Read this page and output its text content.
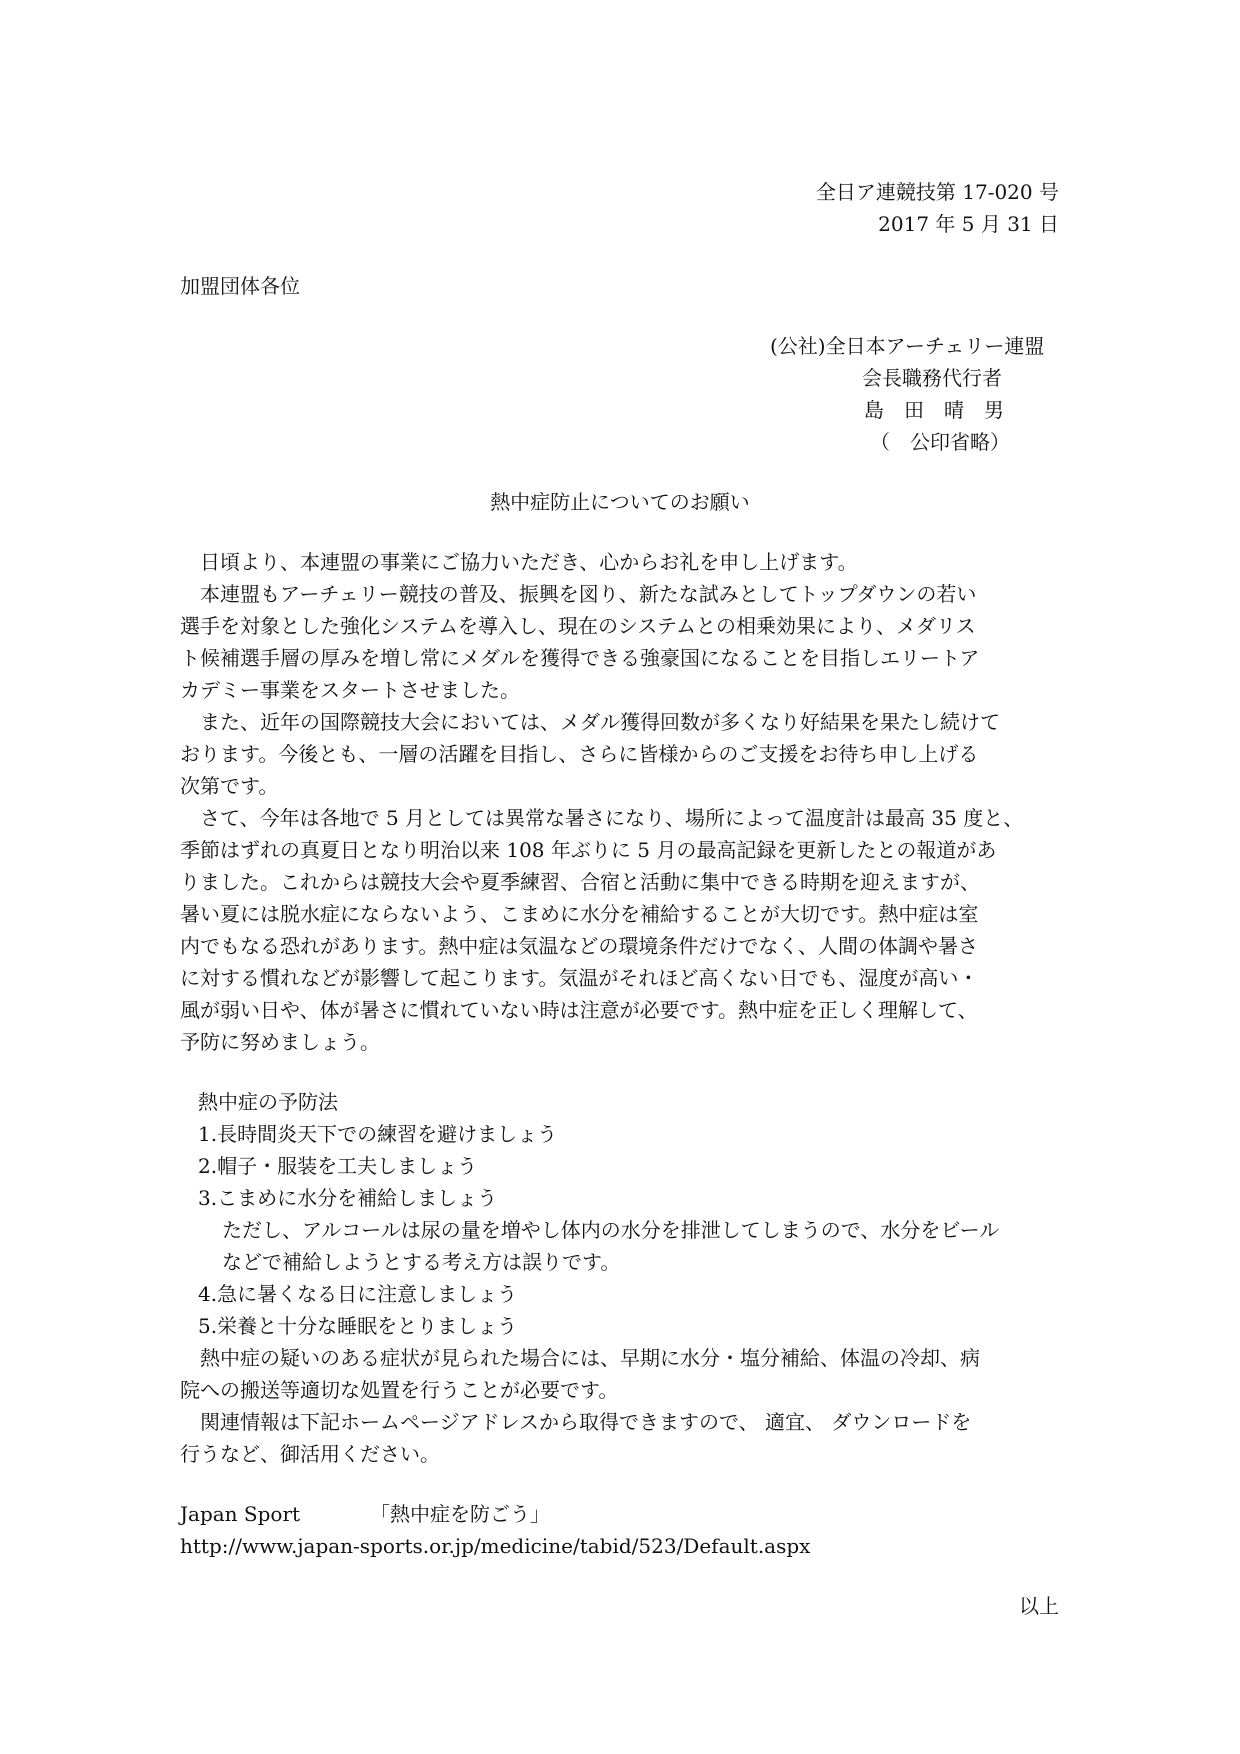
全日ア連競技第 17-020 号
2017 年 5 月 31 日
加盟団体各位
(公社)全日本アーチェリー連盟
会長職務代行者
島　田　晴　男
（　公印省略）
熱中症防止についてのお願い
　日頃より、本連盟の事業にご協力いただき、心からお礼を申し上げます。
　本連盟もアーチェリー競技の普及、振興を図り、新たな試みとしてトップダウンの若い
選手を対象とした強化システムを導入し、現在のシステムとの相乗効果により、メダリス
ト候補選手層の厚みを増し常にメダルを獲得できる強豪国になることを目指しエリートア
カデミー事業をスタートさせました。
　また、近年の国際競技大会においては、メダル獲得回数が多くなり好結果を果たし続けて
おります。今後とも、一層の活躍を目指し、さらに皆様からのご支援をお待ち申し上げる
次第です。
　さて、今年は各地で 5 月としては異常な暑さになり、場所によって温度計は最高 35 度と、
季節はずれの真夏日となり明治以来 108 年ぶりに 5 月の最高記録を更新したとの報道があ
りました。これからは競技大会や夏季練習、合宿と活動に集中できる時期を迎えますが、
暑い夏には脱水症にならないよう、こまめに水分を補給することが大切です。熱中症は室
内でもなる恐れがあります。熱中症は気温などの環境条件だけでなく、人間の体調や暑さ
に対する慣れなどが影響して起こります。気温がそれほど高くない日でも、湿度が高い・
風が弱い日や、体が暑さに慣れていない時は注意が必要です。熱中症を正しく理解して、
予防に努めましょう。
熱中症の予防法
1.長時間炎天下での練習を避けましょう
2.帽子・服装を工夫しましょう
3.こまめに水分を補給しましょう
ただし、アルコールは尿の量を増やし体内の水分を排泄してしまうので、水分をビール
などで補給しようとする考え方は誤りです。
4.急に暑くなる日に注意しましょう
5.栄養と十分な睡眠をとりましょう
　熱中症の疑いのある症状が見られた場合には、早期に水分・塩分補給、体温の冷却、病
院への搬送等適切な処置を行うことが必要です。
　関連情報は下記ホームページアドレスから取得できますので、 適宜、 ダウンロードを
行うなど、御活用ください。
Japan Sport	「熱中症を防ごう」
http://www.japan-sports.or.jp/medicine/tabid/523/Default.aspx
以上
